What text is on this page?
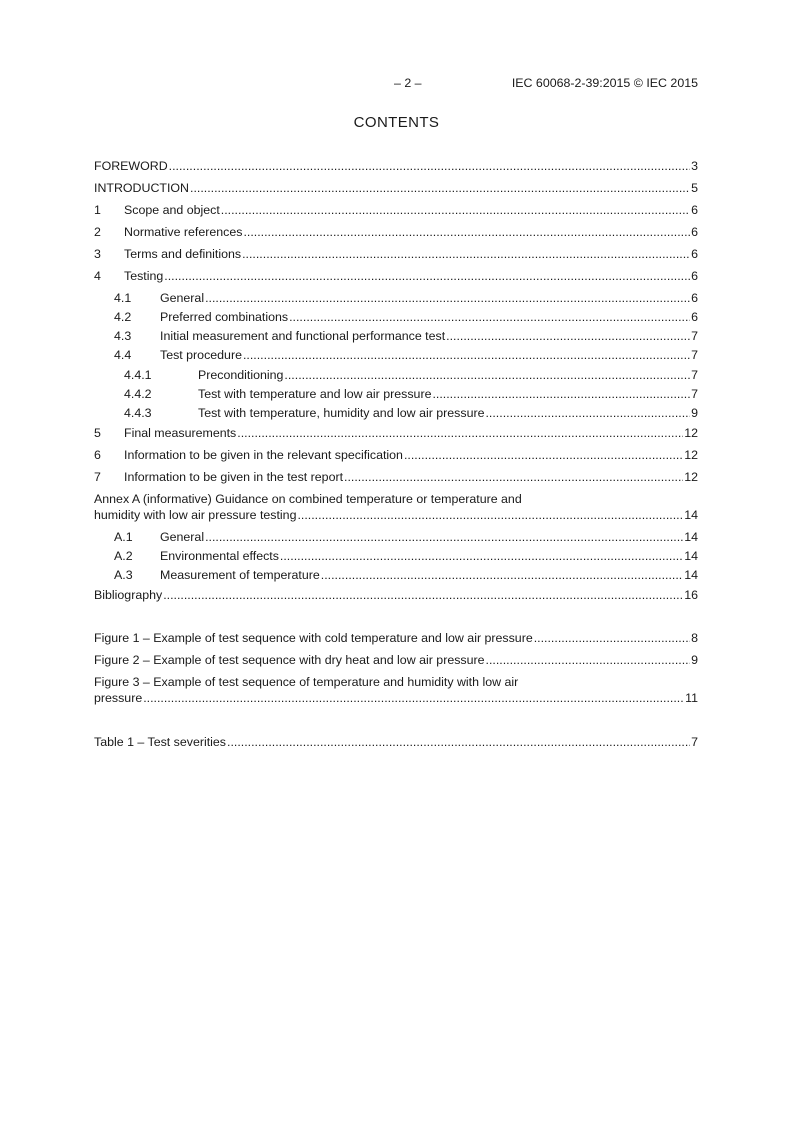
– 2 –	IEC 60068-2-39:2015 © IEC 2015
CONTENTS
FOREWORD .....	3
INTRODUCTION .....	5
1	Scope and object .....	6
2	Normative references .....	6
3	Terms and definitions .....	6
4	Testing .....	6
4.1	General .....	6
4.2	Preferred combinations .....	6
4.3	Initial measurement and functional performance test .....	7
4.4	Test procedure .....	7
4.4.1	Preconditioning .....	7
4.4.2	Test with temperature and low air pressure .....	7
4.4.3	Test with temperature, humidity and low air pressure .....	9
5	Final measurements .....	12
6	Information to be given in the relevant specification .....	12
7	Information to be given in the test report .....	12
Annex A (informative) Guidance on combined temperature or temperature and
humidity with low air pressure testing .....	14
A.1	General .....	14
A.2	Environmental effects .....	14
A.3	Measurement of temperature .....	14
Bibliography .....	16
Figure 1 – Example of test sequence with cold temperature and low air pressure .....	8
Figure 2 – Example of test sequence with dry heat and low air pressure .....	9
Figure 3 – Example of test sequence of temperature and humidity with low air
pressure .....	11
Table 1 – Test severities .....	7
